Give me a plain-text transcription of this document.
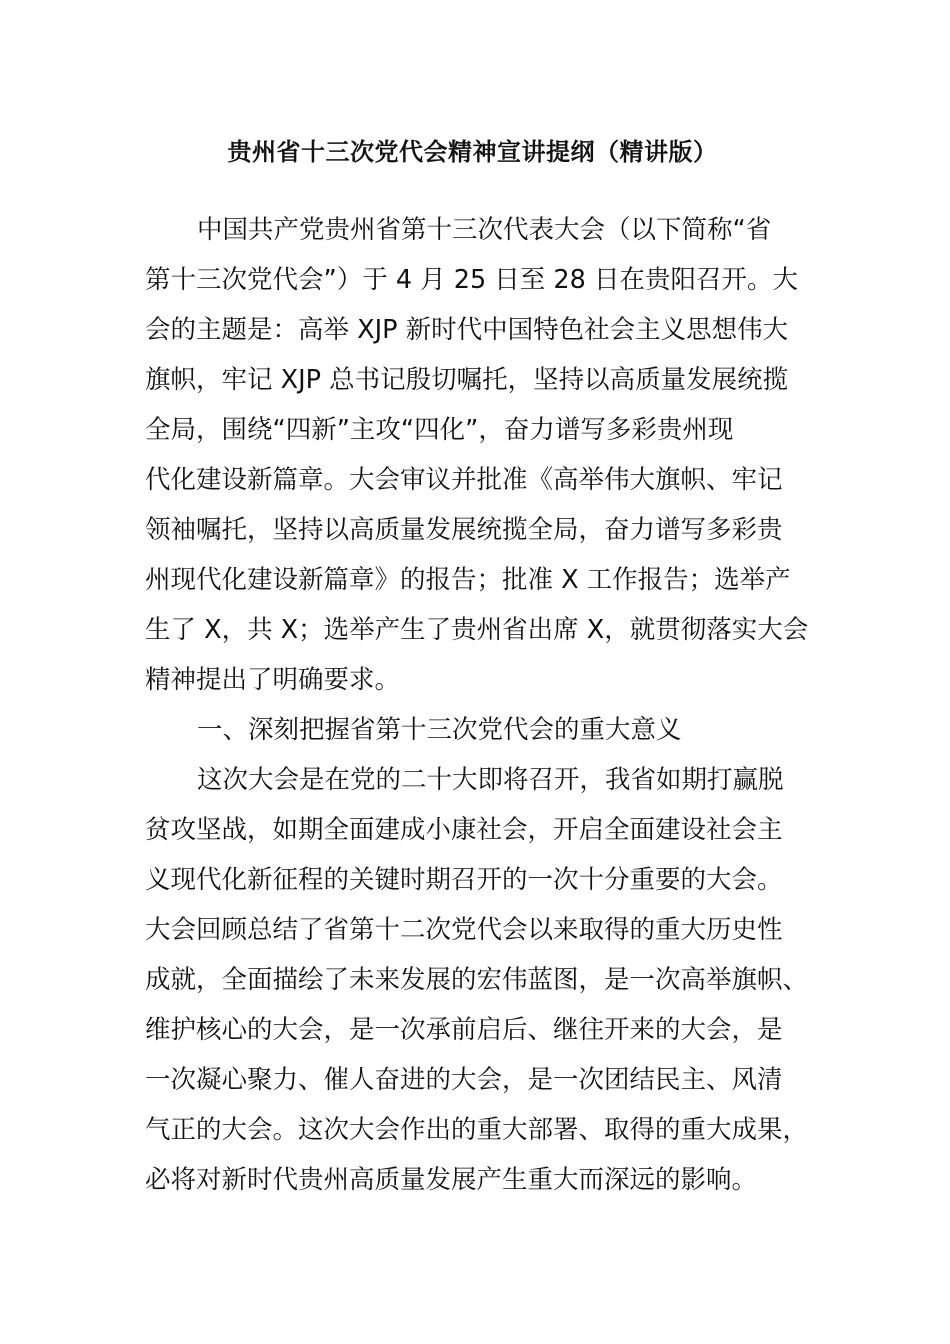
贵州省十三次党代会精神宣讲提纲（精讲版）

中国共产党贵州省第十三次代表大会（以下简称“省

第十三次党代会”）于 4 月 25 日至 28 日在贵阳召开。大

会的主题是：高举 XJP 新时代中国特色社会主义思想伟大

旗帜，牢记 XJP 总书记殷切嘱托，坚持以高质量发展统揽

全局，围绕“四新”主攻“四化”，奋力谱写多彩贵州现

代化建设新篇章。大会审议并批准《高举伟大旗帜、牢记

领袖嘱托，坚持以高质量发展统揽全局，奋力谱写多彩贵

州现代化建设新篇章》的报告；批准 X 工作报告；选举产

生了 X，共 X；选举产生了贵州省出席 X，就贯彻落实大会

精神提出了明确要求。

一、深刻把握省第十三次党代会的重大意义

这次大会是在党的二十大即将召开，我省如期打赢脱

贫攻坚战，如期全面建成小康社会，开启全面建设社会主

义现代化新征程的关键时期召开的一次十分重要的大会。

大会回顾总结了省第十二次党代会以来取得的重大历史性

成就，全面描绘了未来发展的宏伟蓝图，是一次高举旗帜、

维护核心的大会，是一次承前启后、继往开来的大会，是

一次凝心聚力、催人奋进的大会，是一次团结民主、风清

气正的大会。这次大会作出的重大部署、取得的重大成果，

必将对新时代贵州高质量发展产生重大而深远的影响。
